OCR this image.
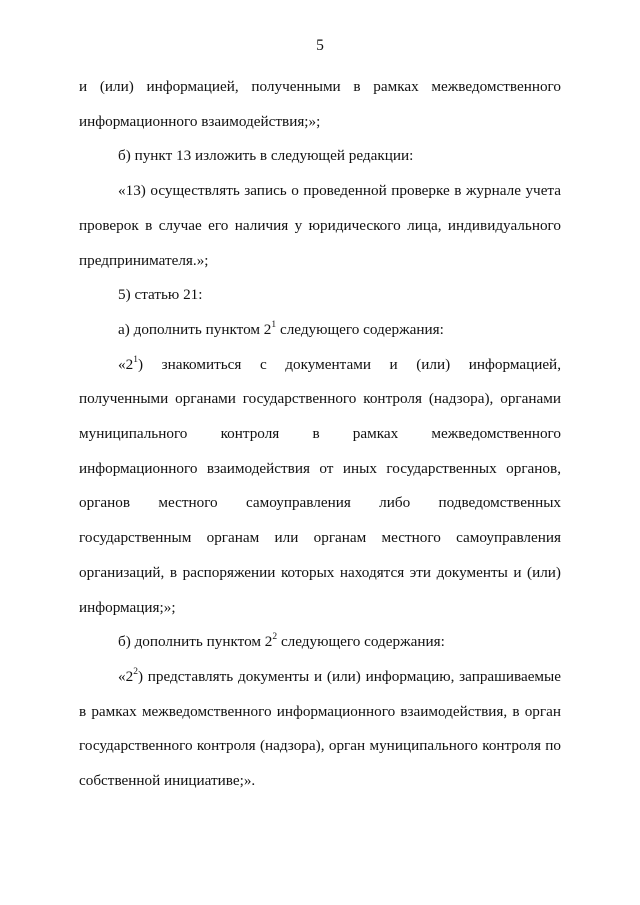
5

и (или) информацией, полученными в рамках межведомственного

информационного взаимодействия;»;

б) пункт 13 изложить в следующей редакции:

«13) осуществлять запись о проведенной проверке в журнале учета проверок в случае его наличия у юридического лица, индивидуального предпринимателя.»;

5) статью 21:

а) дополнить пунктом $2^1$ следующего содержания:

«$2^1$) знакомиться с документами и (или) информацией, полученными органами государственного контроля (надзора), органами муниципального контроля в рамках межведомственного информационного взаимодействия от иных государственных органов, органов местного самоуправления либо подведомственных государственным органам или органам местного самоуправления организаций, в распоряжении которых находятся эти документы и (или) информация;»;

б) дополнить пунктом $2^2$ следующего содержания:

«$2^2$) представлять документы и (или) информацию, запрашиваемые в рамках межведомственного информационного взаимодействия, в орган государственного контроля (надзора), орган муниципального контроля по собственной инициативе;».
